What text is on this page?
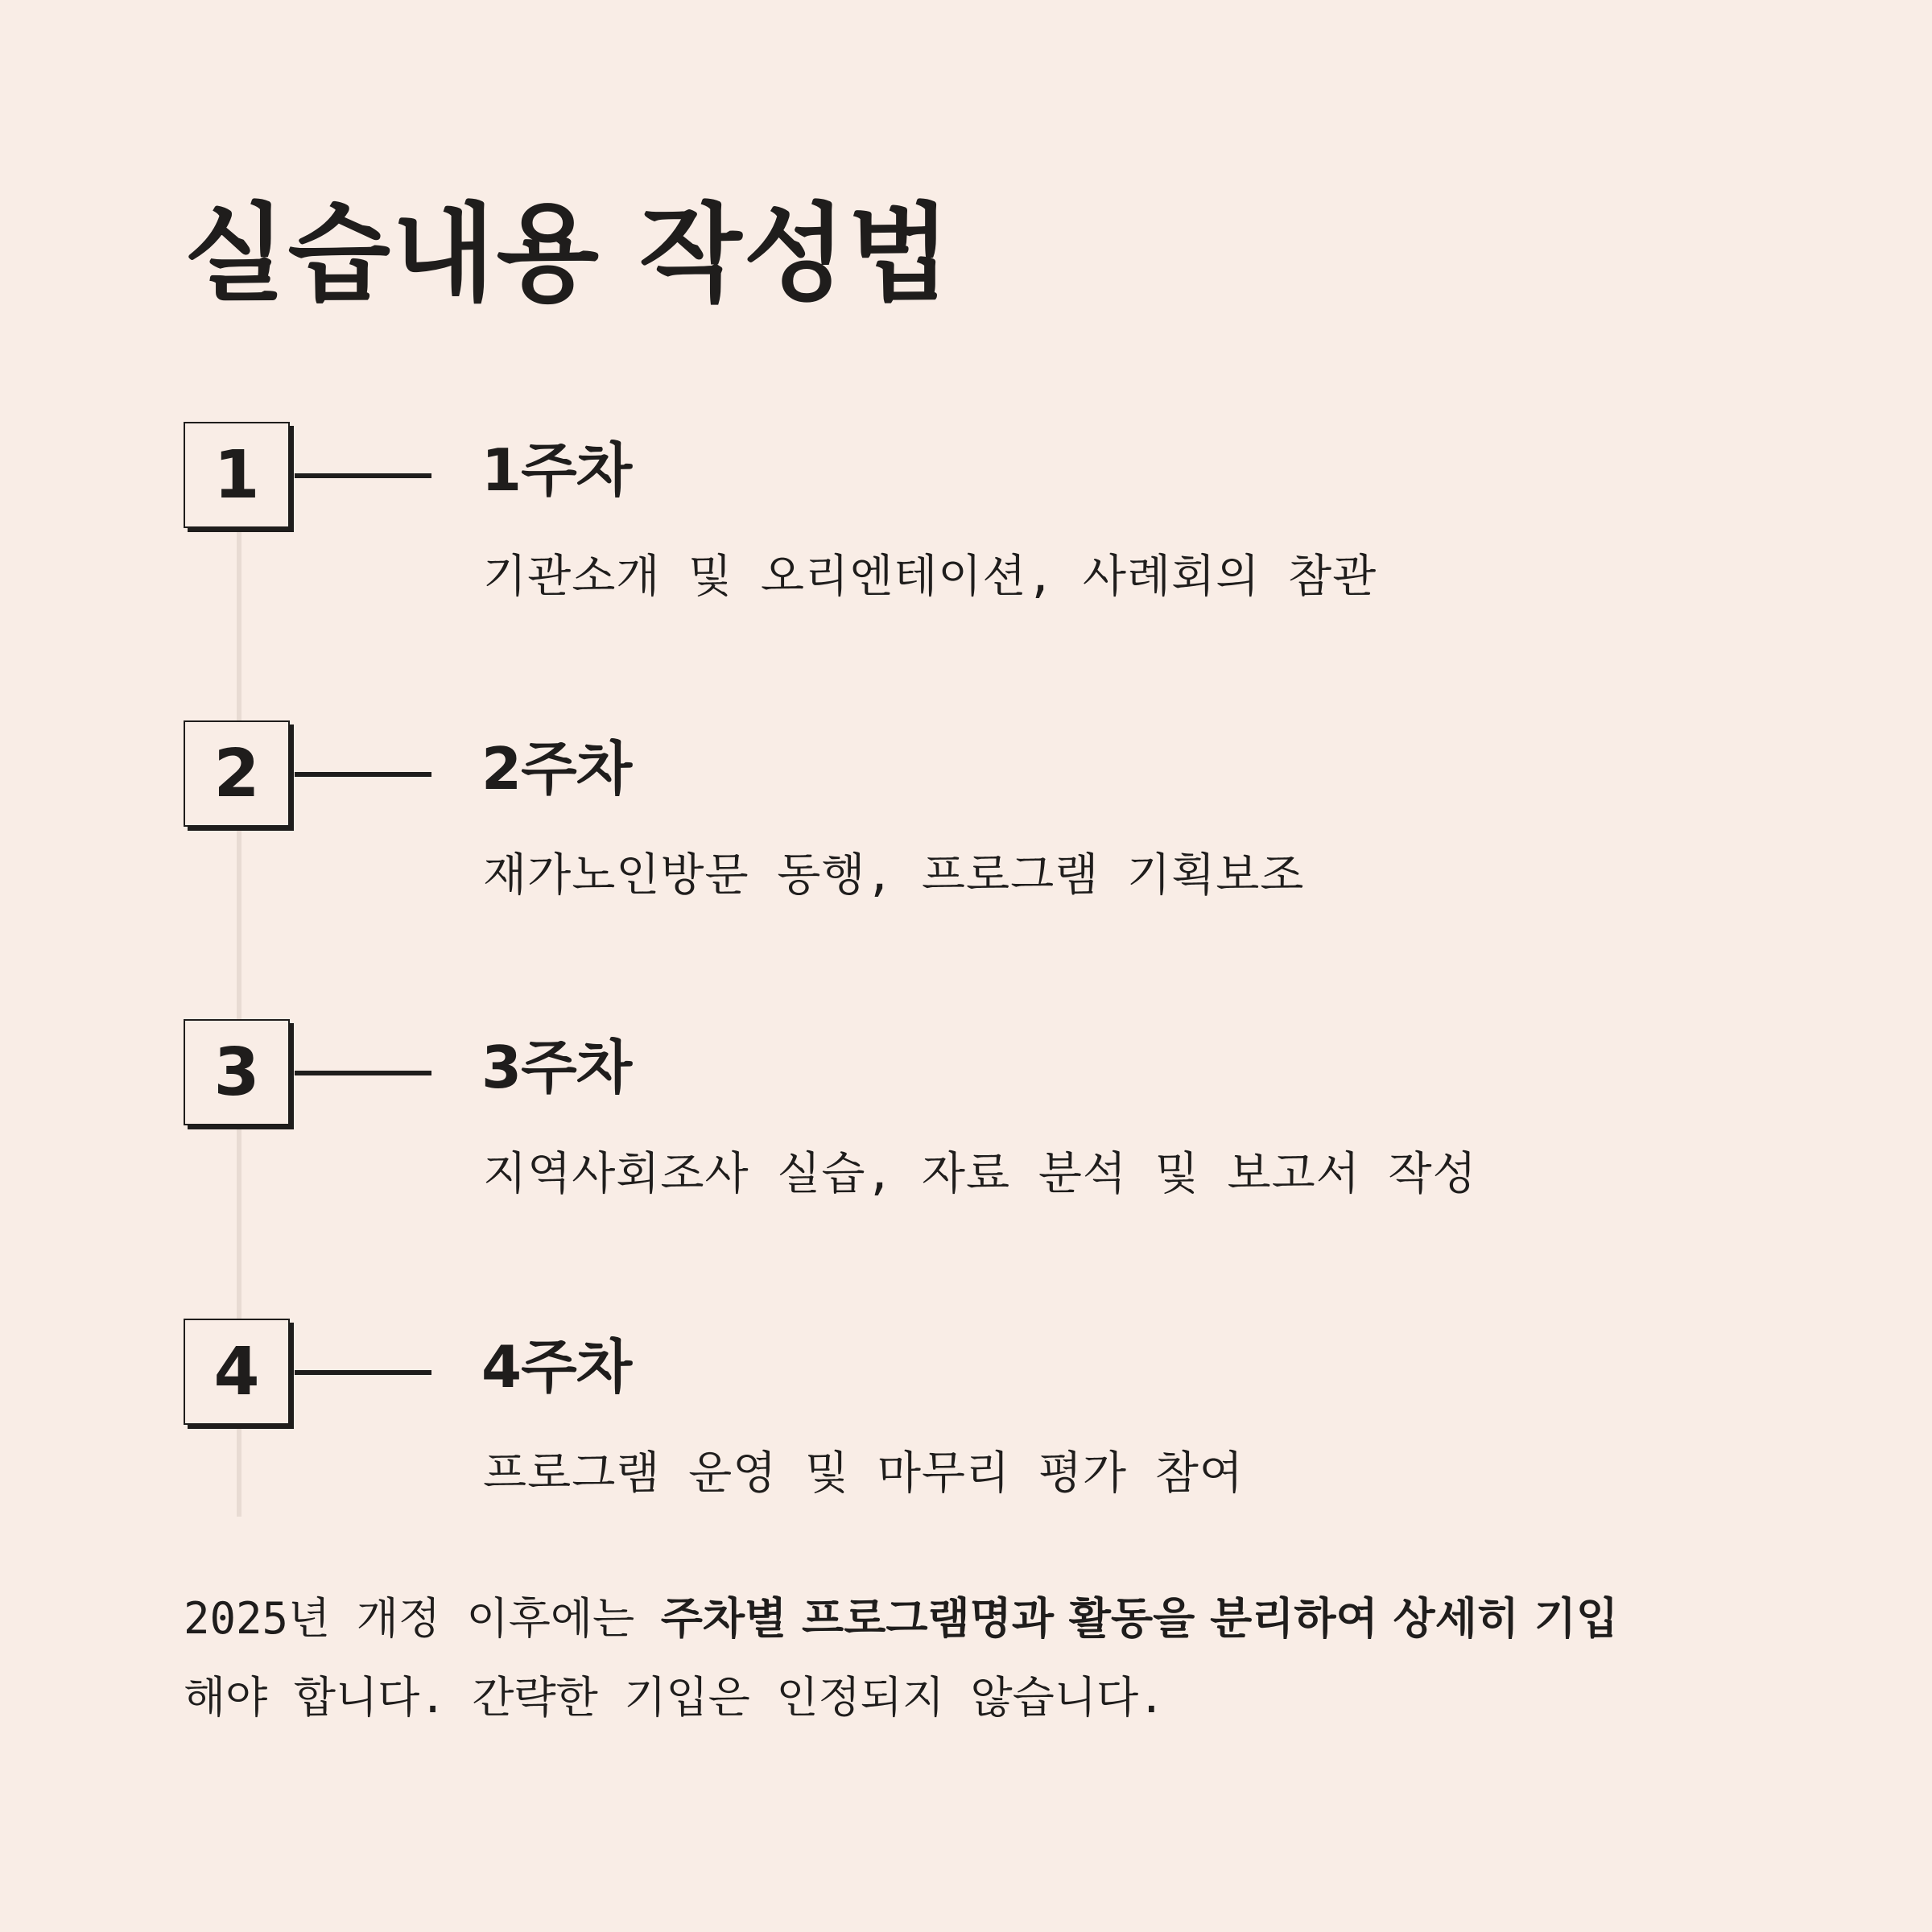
실습내용 작성법
1	1주차
기관소개 및 오리엔테이션, 사례회의 참관
2	2주차
재가노인방문 동행, 프로그램 기획보조
3	3주차
지역사회조사 실습, 자료 분석 및 보고서 작성
4	4주차
프로그램 운영 및 마무리 평가 참여

2025년 개정 이후에는 주차별 프로그램명과 활동을 분리하여 상세히 기입
해야 합니다. 간략한 기입은 인정되지 않습니다.
